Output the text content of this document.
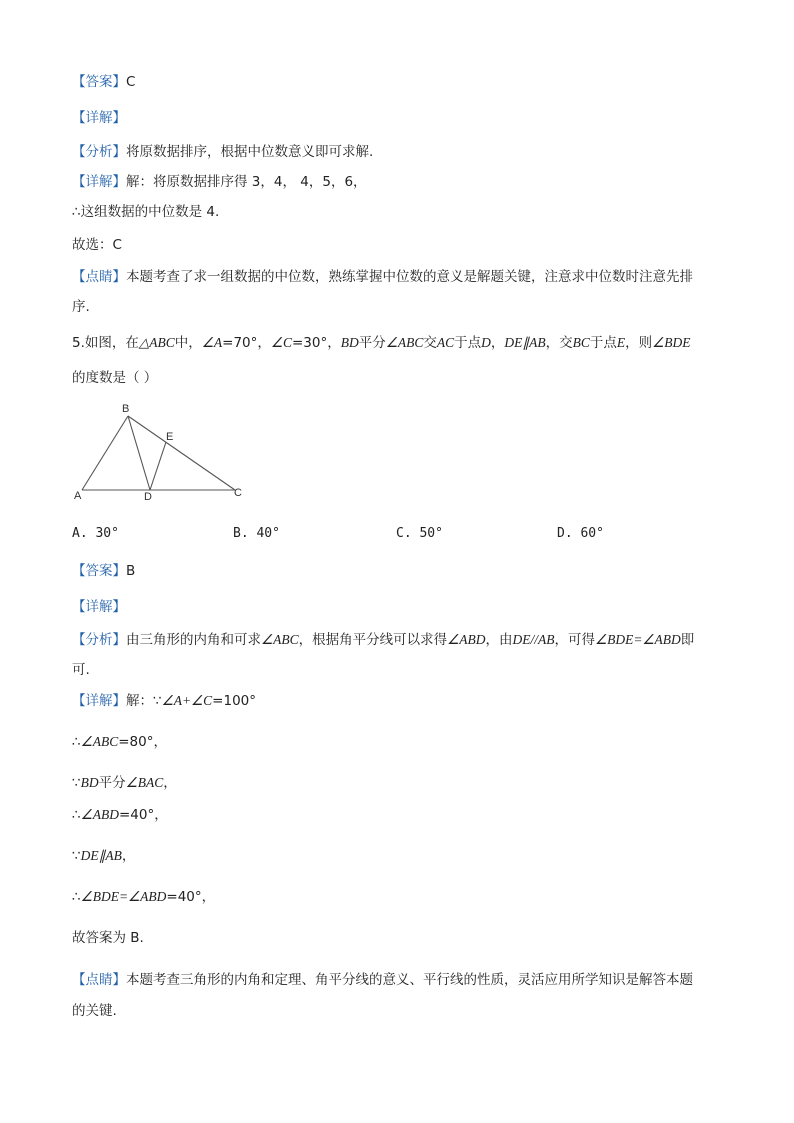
【答案】C
【详解】
【分析】将原数据排序，根据中位数意义即可求解.
【详解】解：将原数据排序得 3，4， 4，5，6，
∴这组数据的中位数是 4.
故选：C
【点睛】本题考查了求一组数据的中位数，熟练掌握中位数的意义是解题关键，注意求中位数时注意先排
序.
5.如图，在△ABC中，∠A=70°，∠C=30°，BD平分∠ABC交AC于点D，DE∥AB，交BC于点E，则∠BDE
的度数是（ ）
B
E
A	D	C
A. 30°	B. 40°	C. 50°	D. 60°
【答案】B
【详解】
【分析】由三角形的内角和可求∠ABC，根据角平分线可以求得∠ABD，由DE//AB，可得∠BDE=∠ABD即
可.
【详解】解：∵∠A+∠C=100°
∴∠ABC=80°，
∵BD平分∠BAC，
∴∠ABD=40°，
∵DE∥AB，
∴∠BDE=∠ABD=40°，
故答案为 B.
【点睛】本题考查三角形的内角和定理、角平分线的意义、平行线的性质，灵活应用所学知识是解答本题
的关键.
